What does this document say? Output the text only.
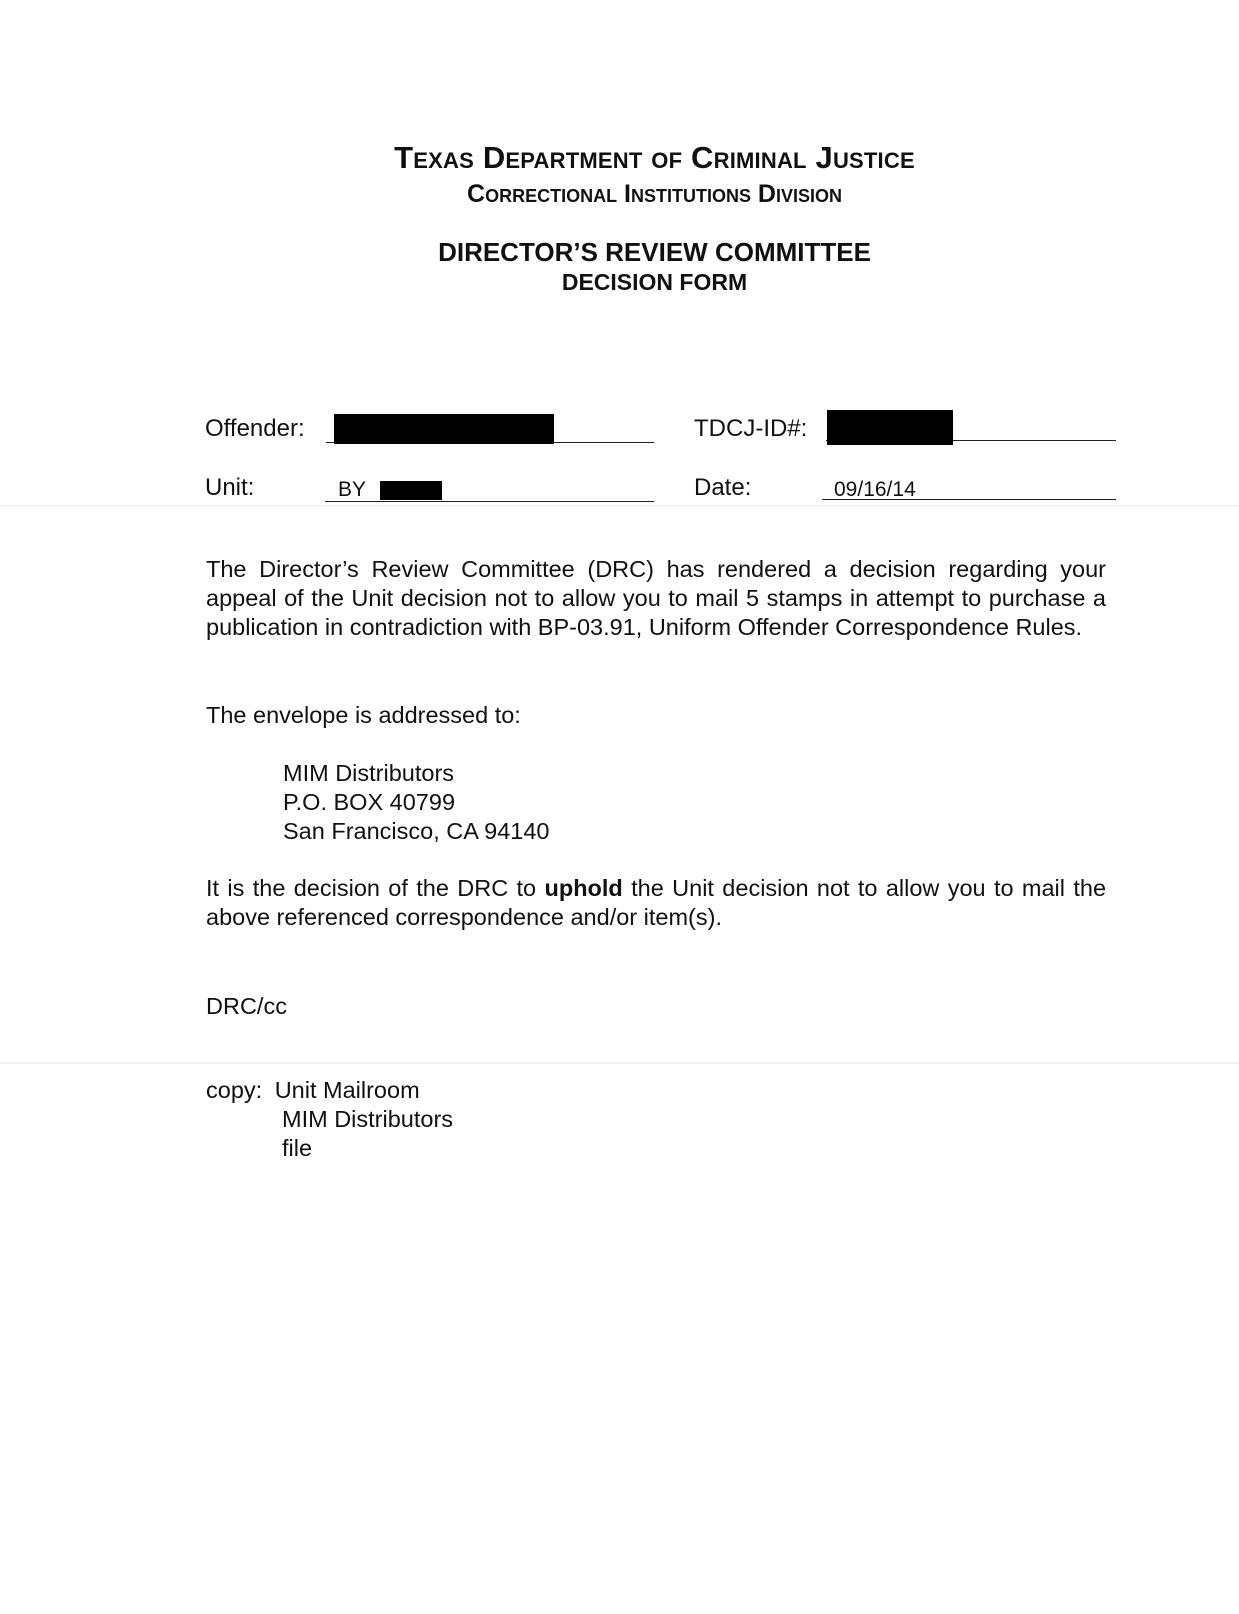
Texas Department of Criminal Justice
Correctional Institutions Division
DIRECTOR’S REVIEW COMMITTEE
DECISION FORM
Offender:	TDCJ-ID#:
Unit:	BY	Date:	09/16/14
The Director’s Review Committee (DRC) has rendered a decision regarding your appeal of the Unit decision not to allow you to mail 5 stamps in attempt to purchase a publication in contradiction with BP-03.91, Uniform Offender Correspondence Rules.
The envelope is addressed to:
MIM Distributors
P.O. BOX 40799
San Francisco, CA 94140
It is the decision of the DRC to uphold the Unit decision not to allow you to mail the above referenced correspondence and/or item(s).
DRC/cc
copy: Unit Mailroom
MIM Distributors
file
